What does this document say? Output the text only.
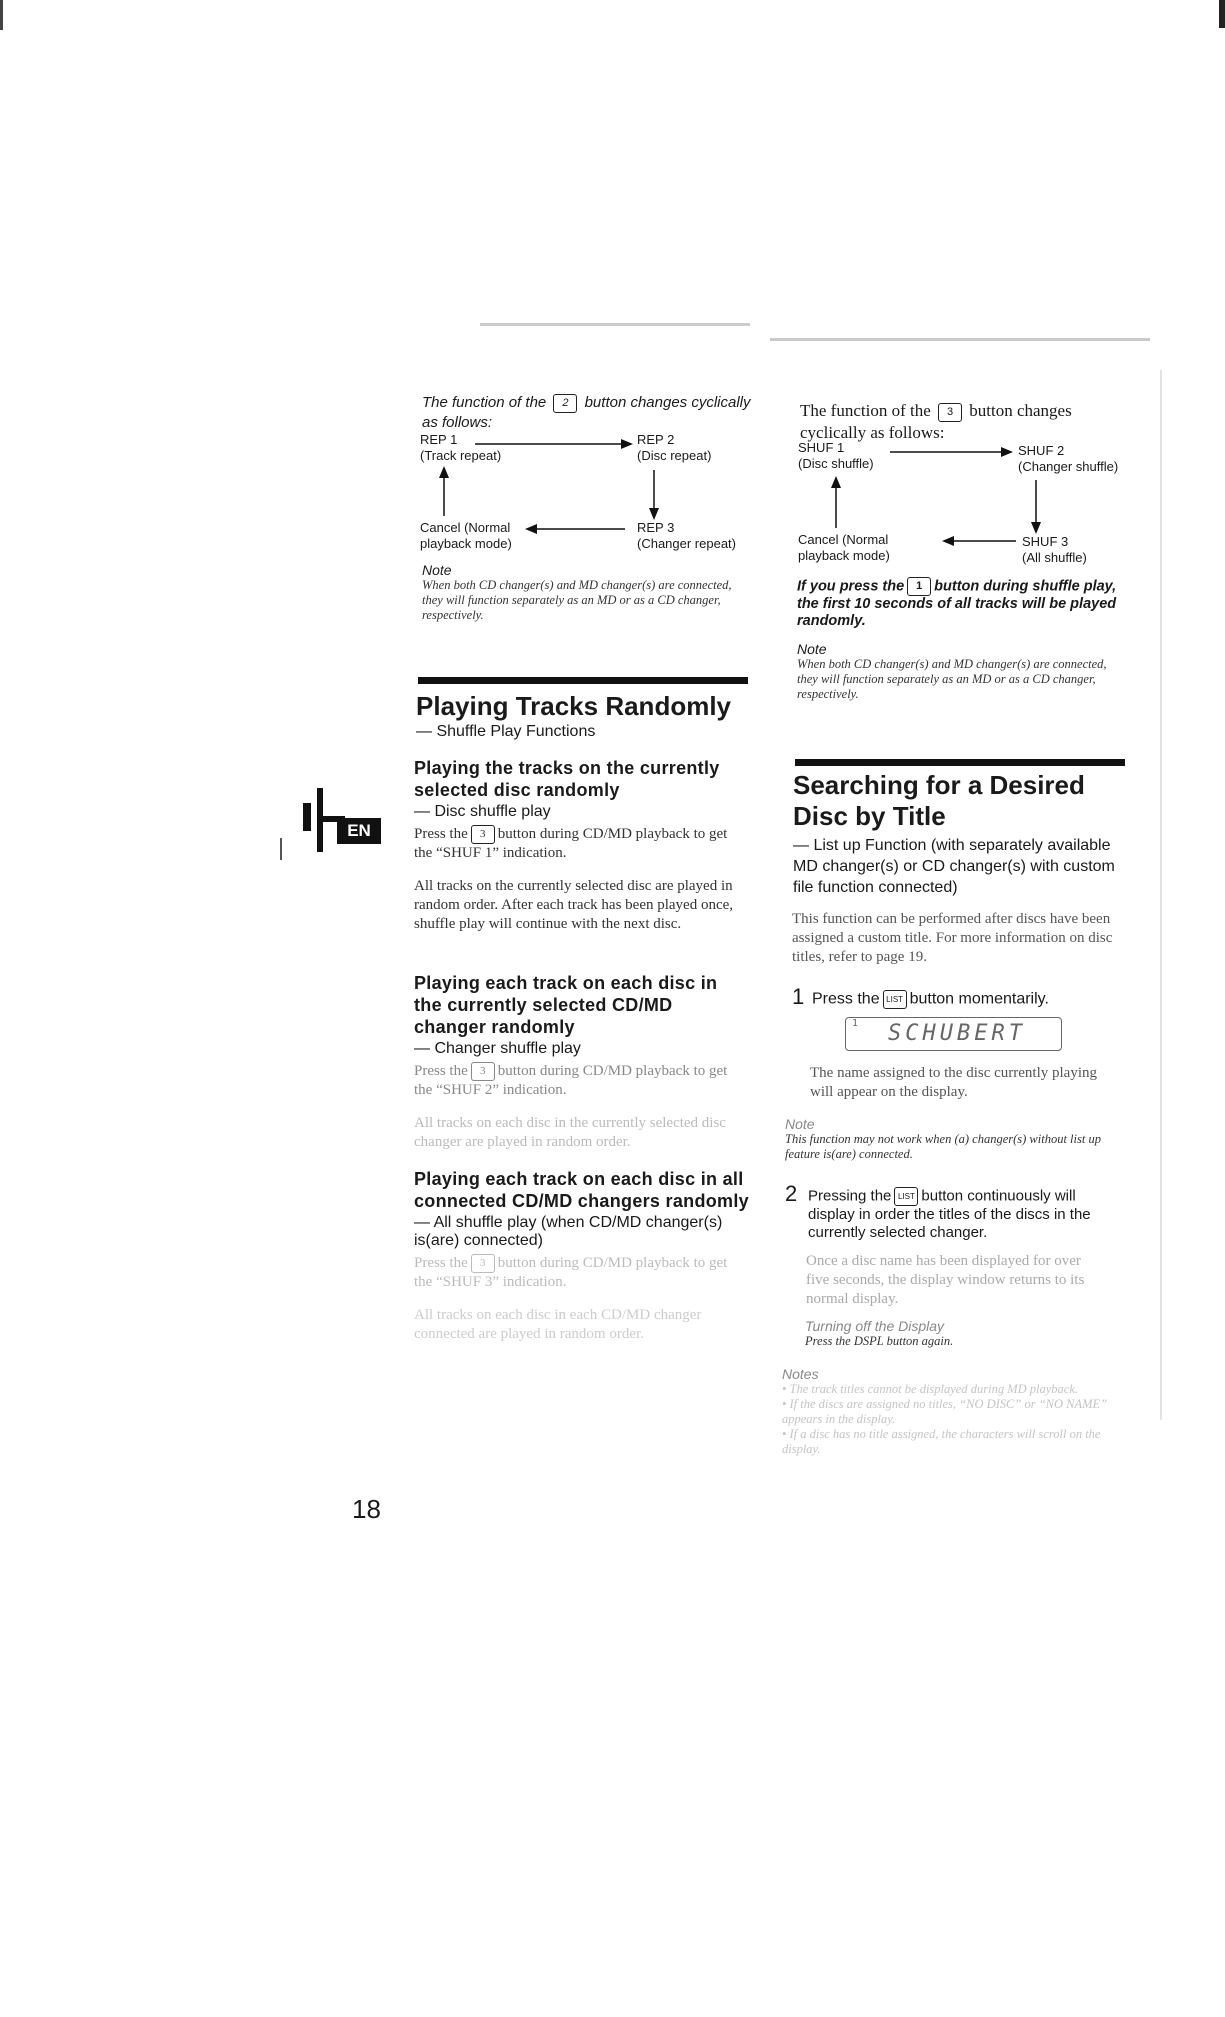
The function of the 2 button changes cyclically
as follows:
REP 1
(Track repeat)
REP 2
(Disc repeat)
Cancel (Normal
playback mode)
REP 3
(Changer repeat)
Note
When both CD changer(s) and MD changer(s) are connected, they will function separately as an MD or as a CD changer, respectively.
Playing Tracks Randomly
— Shuffle Play Functions
Playing the tracks on the currently selected disc randomly
— Disc shuffle play
Press the 3 button during CD/MD playback to get the “SHUF 1” indication.
All tracks on the currently selected disc are played in random order. After each track has been played once, shuffle play will continue with the next disc.
Playing each track on each disc in the currently selected CD/MD changer randomly
— Changer shuffle play
Press the 3 button during CD/MD playback to get the “SHUF 2” indication.
All tracks on each disc in the currently selected disc changer are played in random order.
Playing each track on each disc in all connected CD/MD changers randomly
— All shuffle play (when CD/MD changer(s) is(are) connected)
Press the 3 button during CD/MD playback to get the “SHUF 3” indication.
All tracks on each disc in each CD/MD changer connected are played in random order.
EN
18
The function of the 3 button changes
cyclically as follows:
SHUF 1
(Disc shuffle)
SHUF 2
(Changer shuffle)
Cancel (Normal
playback mode)
SHUF 3
(All shuffle)
If you press the 1 button during shuffle play,
the first 10 seconds of all tracks will be played
randomly.
Note
When both CD changer(s) and MD changer(s) are connected, they will function separately as an MD or as a CD changer, respectively.
Searching for a Desired Disc by Title
— List up Function (with separately available MD changer(s) or CD changer(s) with custom file function connected)
This function can be performed after discs have been assigned a custom title. For more information on disc titles, refer to page 19.
1 Press the LIST button momentarily.
1 SCHUBERT
The name assigned to the disc currently playing will appear on the display.
Note
This function may not work when (a) changer(s) without list up feature is(are) connected.
2 Pressing the LIST button continuously will display in order the titles of the discs in the currently selected changer.
Once a disc name has been displayed for over five seconds, the display window returns to its normal display.
Turning off the Display
Press the DSPL button again.
Notes
• The track titles cannot be displayed during MD playback.
• If the discs are assigned no titles, “NO DISC” or “NO NAME” appears in the display.
• If a disc has no title assigned, the characters will scroll on the display.
